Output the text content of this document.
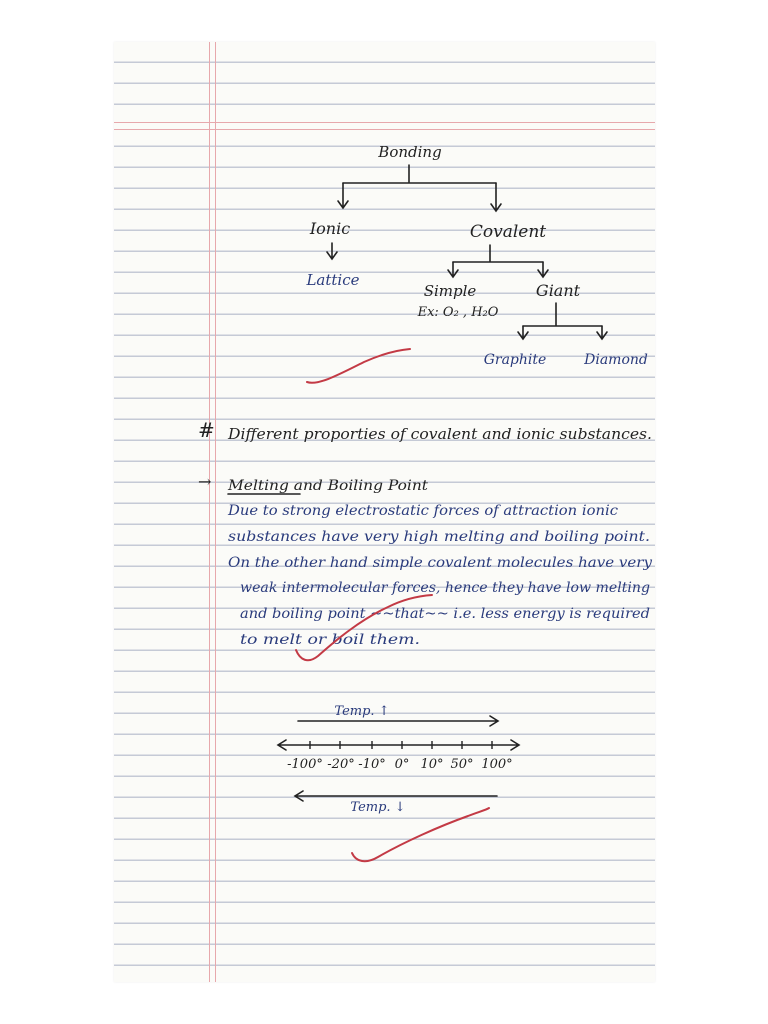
Bonding
Ionic	Covalent
Lattice
Simple	Giant
Ex: O₂ , H₂O
Graphite	Diamond
# Different proporties of covalent and ionic substances.
→ Melting and Boiling Point
Due to strong electrostatic forces of attraction ionic
substances have very high melting and boiling point.
On the other hand simple covalent molecules have very
weak intermolecular forces, hence they have low melting
and boiling point ~~that~~ i.e. less energy is required
to melt or boil them.
Temp. ↑
-100° -20° -10° 0° 10° 50° 100°
Temp. ↓
